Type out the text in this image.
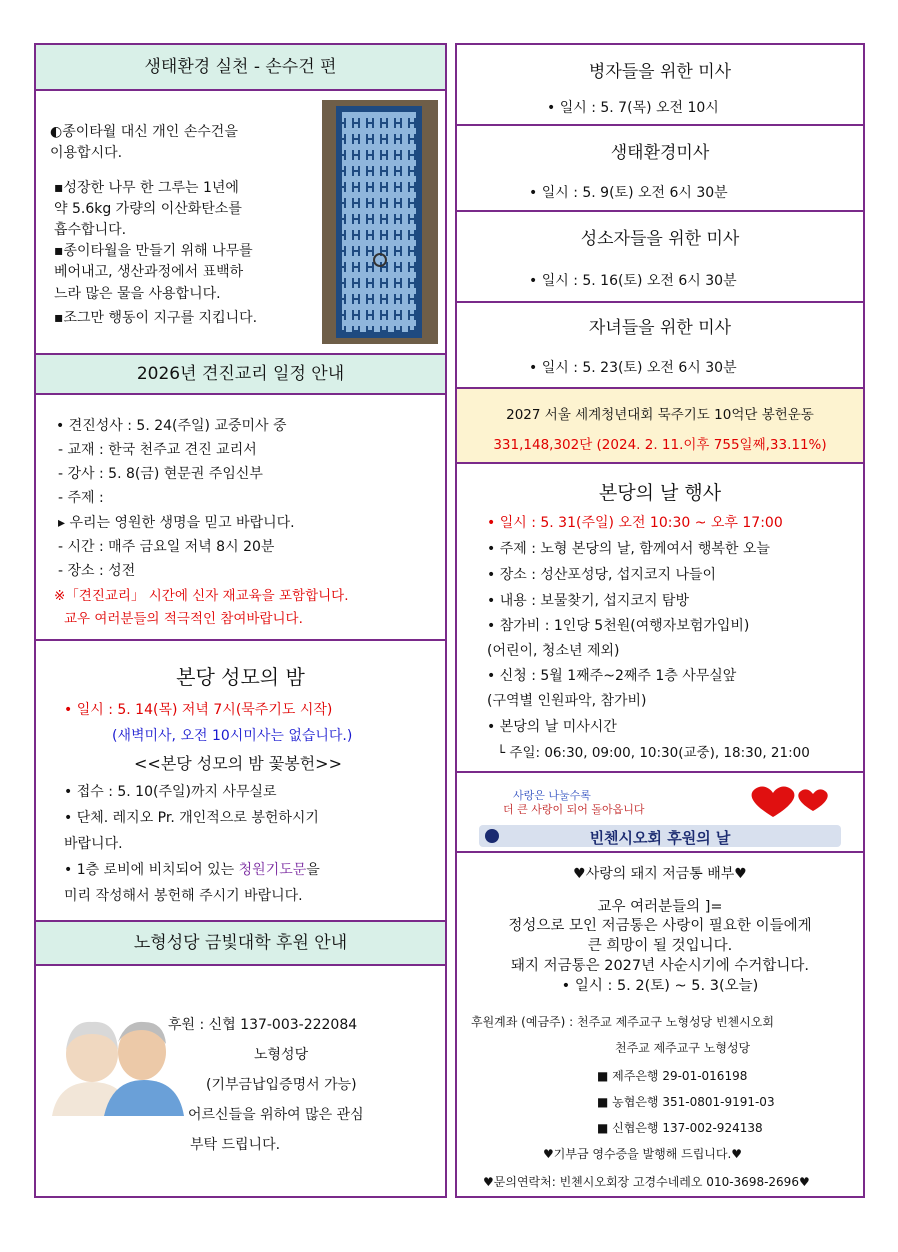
생태환경 실천 - 손수건 편
◐종이타월 대신 개인 손수건을
이용합시다.
▪성장한 나무 한 그루는 1년에
약 5.6kg 가량의 이산화탄소를
흡수합니다.
▪종이타월을 만들기 위해 나무를
베어내고, 생산과정에서 표백하
느라 많은 물을 사용합니다.
▪조그만 행동이 지구를 지킵니다.
2026년 견진교리 일정 안내
• 견진성사 : 5. 24(주일) 교중미사 중
- 교재 : 한국 천주교 견진 교리서
- 강사 : 5. 8(금) 현문권 주임신부
- 주제 :
▸ 우리는 영원한 생명을 믿고 바랍니다.
- 시간 : 매주 금요일 저녁 8시 20분
- 장소 : 성전
※「견진교리」 시간에 신자 재교육을 포함합니다.
교우 여러분들의 적극적인 참여바랍니다.
본당 성모의 밤
• 일시 : 5. 14(목) 저녁 7시(묵주기도 시작)
(새벽미사, 오전 10시미사는 없습니다.)
<<본당 성모의 밤 꽃봉헌>>
• 접수 : 5. 10(주일)까지 사무실로
• 단체. 레지오 Pr. 개인적으로 봉헌하시기
바랍니다.
• 1층 로비에 비치되어 있는 청원기도문을
미리 작성해서 봉헌해 주시기 바랍니다.
노형성당 금빛대학 후원 안내
후원 : 신협 137-003-222084
노형성당
(기부금납입증명서 가능)
어르신들을 위하여 많은 관심
부탁 드립니다.
병자들을 위한 미사
• 일시 : 5. 7(목) 오전 10시
생태환경미사
• 일시 : 5. 9(토) 오전 6시 30분
성소자들을 위한 미사
• 일시 : 5. 16(토) 오전 6시 30분
자녀들을 위한 미사
• 일시 : 5. 23(토) 오전 6시 30분
2027 서울 세계청년대회 묵주기도 10억단 봉헌운동
331,148,302단 (2024. 2. 11.이후 755일째,33.11%)
본당의 날 행사
• 일시 : 5. 31(주일) 오전 10:30 ~ 오후 17:00
• 주제 : 노형 본당의 날, 함께여서 행복한 오늘
• 장소 : 성산포성당, 섭지코지 나들이
• 내용 : 보물찾기, 섭지코지 탐방
• 참가비 : 1인당 5천원(여행자보험가입비)
(어린이, 청소년 제외)
• 신청 : 5월 1째주~2째주 1층 사무실앞
(구역별 인원파악, 참가비)
• 본당의 날 미사시간
└ 주일: 06:30, 09:00, 10:30(교중), 18:30, 21:00
사랑은 나눌수록
더 큰 사랑이 되어 돌아옵니다
빈첸시오회 후원의 날
♥사랑의 돼지 저금통 배부♥
교우 여러분들의 ]=
정성으로 모인 저금통은 사랑이 필요한 이들에게
큰 희망이 될 것입니다.
돼지 저금통은 2027년 사순시기에 수거합니다.
• 일시 : 5. 2(토) ~ 5. 3(오늘)
후원계좌 (예금주) : 천주교 제주교구 노형성당 빈첸시오회
천주교 제주교구 노형성당
■ 제주은행 29-01-016198
■ 농협은행 351-0801-9191-03
■ 신협은행 137-002-924138
♥기부금 영수증을 발행해 드립니다.♥
♥문의연락처: 빈첸시오회장 고경수네레오 010-3698-2696♥
